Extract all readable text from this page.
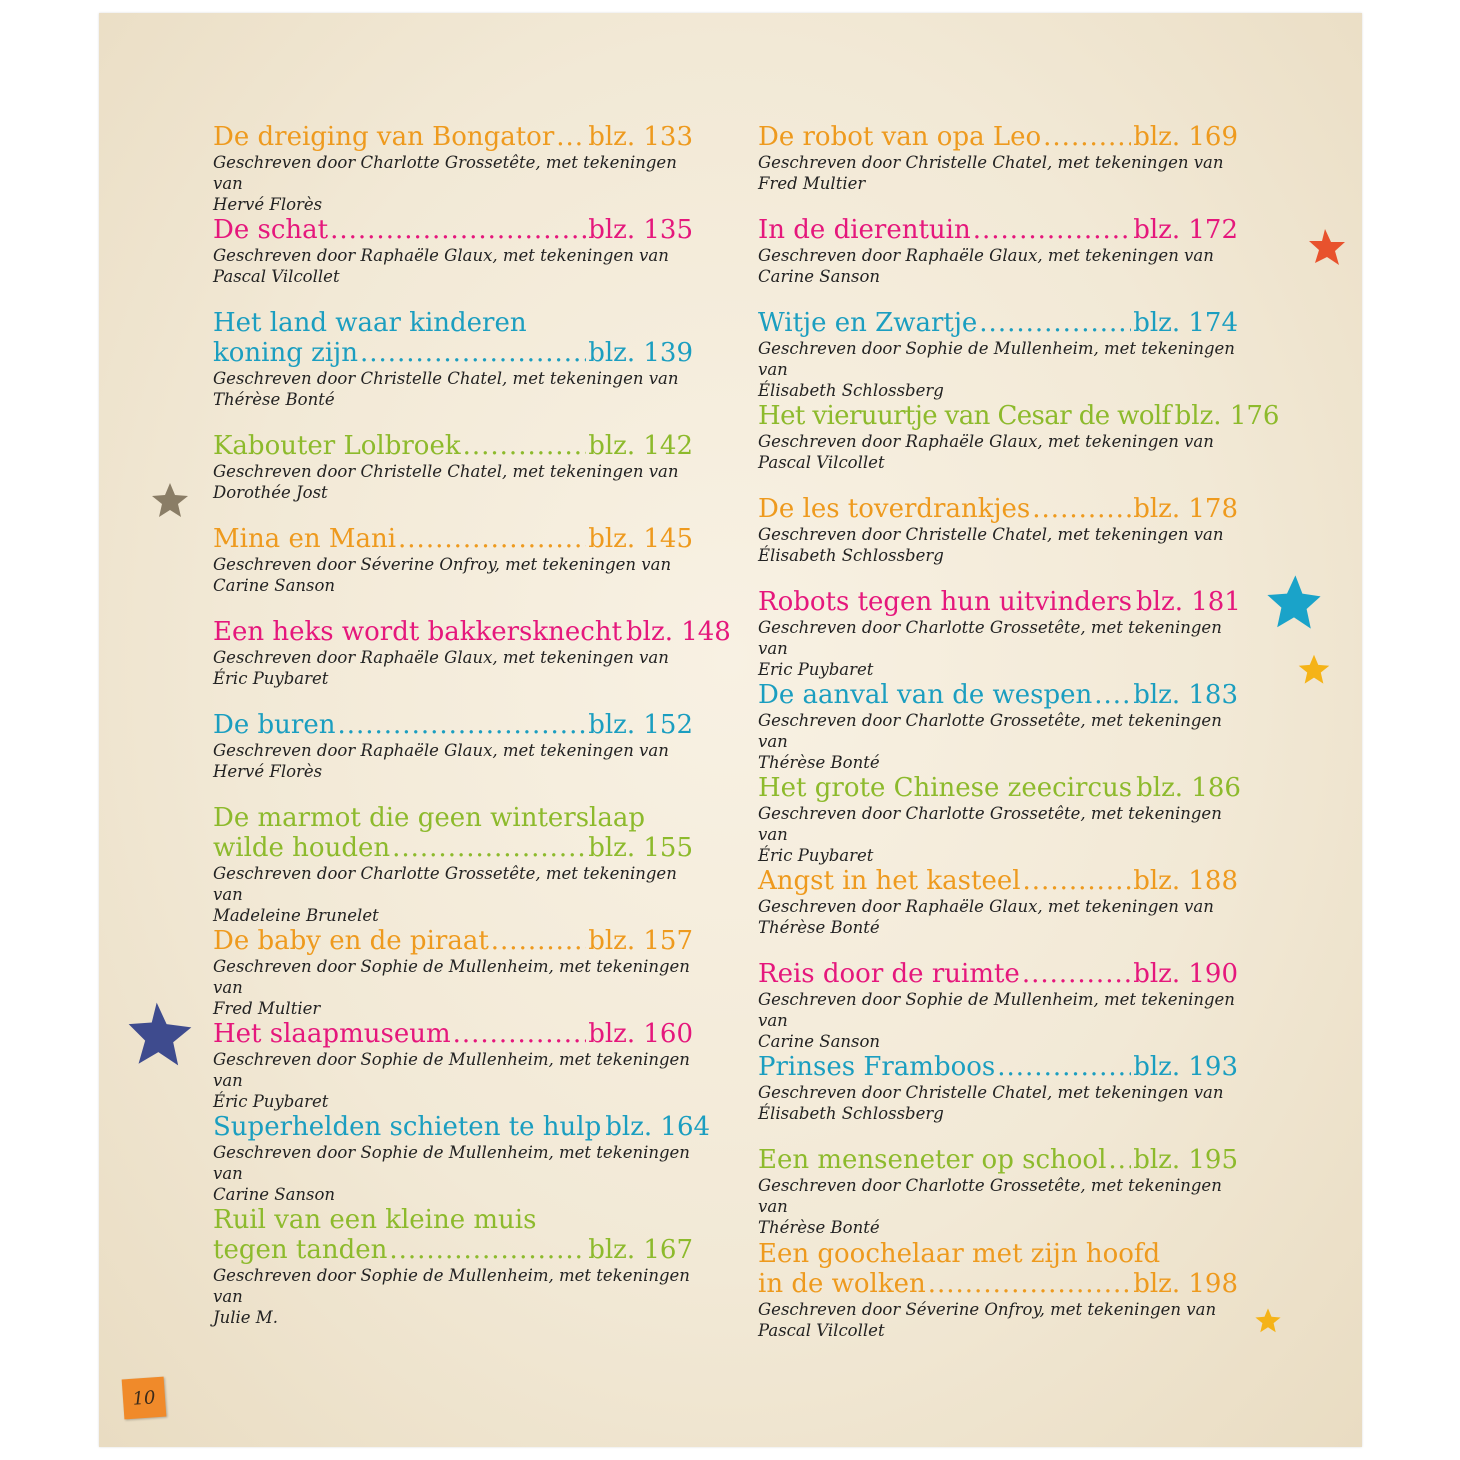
De dreiging van Bongator ..... blz. 133
Geschreven door Charlotte Grossetête, met tekeningen van
Hervé Florès
De schat .....	blz. 135
Geschreven door Raphaële Glaux, met tekeningen van
Pascal Vilcollet
Het land waar kinderen
koning zijn .....	blz. 139
Geschreven door Christelle Chatel, met tekeningen van
Thérèse Bonté
Kabouter Lolbroek .....	blz. 142
Geschreven door Christelle Chatel, met tekeningen van
Dorothée Jost
Mina en Mani .....	blz. 145
Geschreven door Séverine Onfroy, met tekeningen van
Carine Sanson
Een heks wordt bakkersknecht blz. 148
Geschreven door Raphaële Glaux, met tekeningen van
Éric Puybaret
De buren .....	blz. 152
Geschreven door Raphaële Glaux, met tekeningen van
Hervé Florès
De marmot die geen winterslaap
wilde houden .....	blz. 155
Geschreven door Charlotte Grossetête, met tekeningen van
Madeleine Brunelet
De baby en de piraat .....	blz. 157
Geschreven door Sophie de Mullenheim, met tekeningen van
Fred Multier
Het slaapmuseum .....	blz. 160
Geschreven door Sophie de Mullenheim, met tekeningen van
Éric Puybaret
Superhelden schieten te hulp blz. 164
Geschreven door Sophie de Mullenheim, met tekeningen van
Carine Sanson
Ruil van een kleine muis
tegen tanden .....	blz. 167
Geschreven door Sophie de Mullenheim, met tekeningen van
Julie M.
De robot van opa Leo .....	blz. 169
Geschreven door Christelle Chatel, met tekeningen van
Fred Multier
In de dierentuin .....	blz. 172
Geschreven door Raphaële Glaux, met tekeningen van
Carine Sanson
Witje en Zwartje .....	blz. 174
Geschreven door Sophie de Mullenheim, met tekeningen van
Élisabeth Schlossberg
Het vieruurtje van Cesar de wolf blz. 176
Geschreven door Raphaële Glaux, met tekeningen van
Pascal Vilcollet
De les toverdrankjes .....	blz. 178
Geschreven door Christelle Chatel, met tekeningen van
Élisabeth Schlossberg
Robots tegen hun uitvinders blz. 181
Geschreven door Charlotte Grossetête, met tekeningen van
Eric Puybaret
De aanval van de wespen ..... blz. 183
Geschreven door Charlotte Grossetête, met tekeningen van
Thérèse Bonté
Het grote Chinese zeecircus blz. 186
Geschreven door Charlotte Grossetête, met tekeningen van
Éric Puybaret
Angst in het kasteel .....	blz. 188
Geschreven door Raphaële Glaux, met tekeningen van
Thérèse Bonté
Reis door de ruimte .....	blz. 190
Geschreven door Sophie de Mullenheim, met tekeningen van
Carine Sanson
Prinses Framboos .....	blz. 193
Geschreven door Christelle Chatel, met tekeningen van
Élisabeth Schlossberg
Een menseneter op school ..... blz. 195
Geschreven door Charlotte Grossetête, met tekeningen van
Thérèse Bonté
Een goochelaar met zijn hoofd
in de wolken .....	blz. 198
Geschreven door Séverine Onfroy, met tekeningen van
Pascal Vilcollet
10
